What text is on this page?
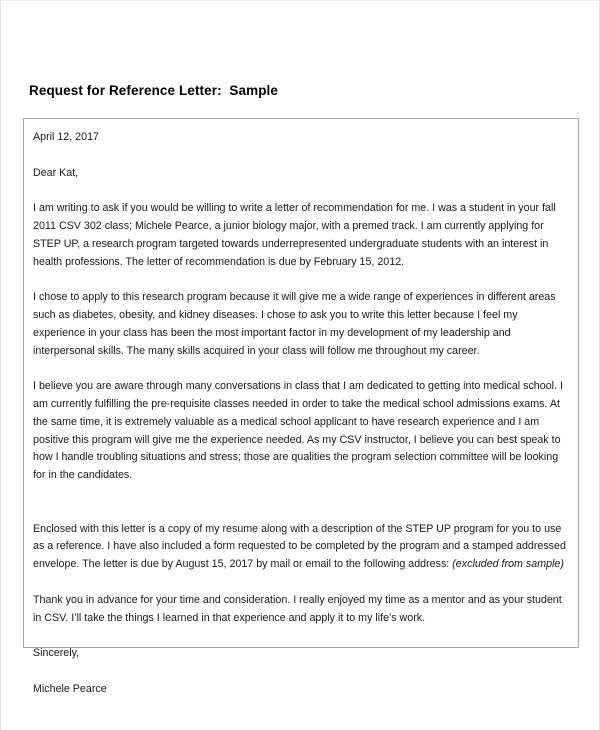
Request for Reference Letter:  Sample

April 12, 2017

Dear Kat,

I am writing to ask if you would be willing to write a letter of recommendation for me. I was a student in your fall 2011 CSV 302 class; Michele Pearce, a junior biology major, with a premed track. I am currently applying for STEP UP, a research program targeted towards underrepresented undergraduate students with an interest in health professions. The letter of recommendation is due by February 15, 2012.

I chose to apply to this research program because it will give me a wide range of experiences in different areas such as diabetes, obesity, and kidney diseases. I chose to ask you to write this letter because I feel my experience in your class has been the most important factor in my development of my leadership and interpersonal skills. The many skills acquired in your class will follow me throughout my career.

I believe you are aware through many conversations in class that I am dedicated to getting into medical school. I am currently fulfilling the pre-requisite classes needed in order to take the medical school admissions exams. At the same time, it is extremely valuable as a medical school applicant to have research experience and I am positive this program will give me the experience needed. As my CSV instructor, I believe you can best speak to how I handle troubling situations and stress; those are qualities the program selection committee will be looking for in the candidates.

Enclosed with this letter is a copy of my resume along with a description of the STEP UP program for you to use as a reference. I have also included a form requested to be completed by the program and a stamped addressed envelope. The letter is due by August 15, 2017 by mail or email to the following address: (excluded from sample)

Thank you in advance for your time and consideration. I really enjoyed my time as a mentor and as your student in CSV. I’ll take the things I learned in that experience and apply it to my life’s work.

Sincerely,

Michele Pearce
